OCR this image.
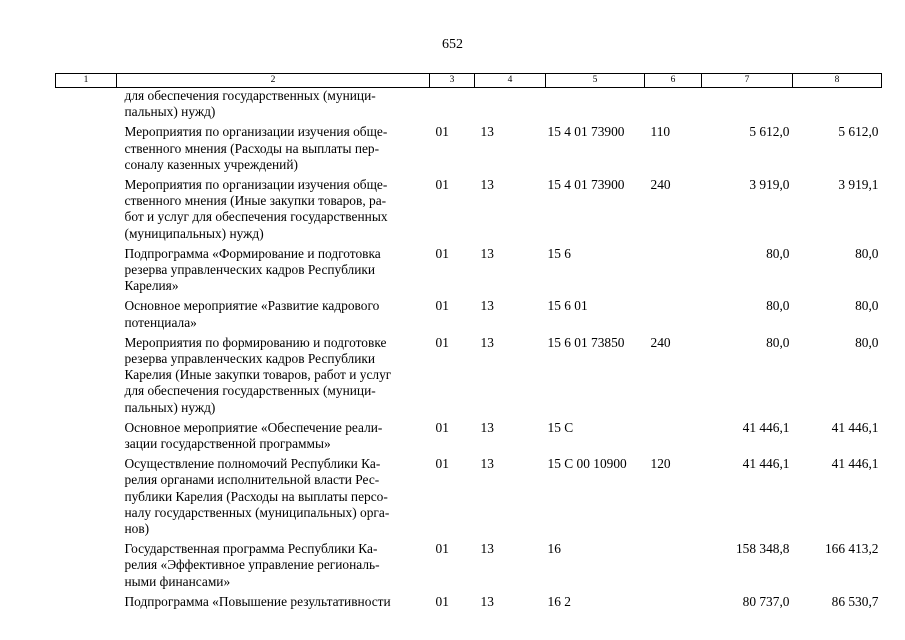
652
1	2	3	4	5	6	7	8
	для обеспечения государственных (муници-
пальных) нужд)						
	Мероприятия по организации изучения обще-
ственного мнения (Расходы на выплаты пер-
соналу казенных учреждений)	01	13	15 4 01 73900	110	5 612,0	5 612,0
	Мероприятия по организации изучения обще-
ственного мнения (Иные закупки товаров, ра-
бот и услуг для обеспечения государственных
(муниципальных) нужд)	01	13	15 4 01 73900	240	3 919,0	3 919,1
	Подпрограмма «Формирование и подготовка
резерва управленческих кадров Республики
Карелия»	01	13	15 6		80,0	80,0
	Основное мероприятие «Развитие кадрового
потенциала»	01	13	15 6 01		80,0	80,0
	Мероприятия по формированию и подготовке
резерва управленческих кадров Республики
Карелия (Иные закупки товаров, работ и услуг
для обеспечения государственных (муници-
пальных) нужд)	01	13	15 6 01 73850	240	80,0	80,0
	Основное мероприятие «Обеспечение реали-
зации государственной программы»	01	13	15 С		41 446,1	41 446,1
	Осуществление полномочий Республики Ка-
релия органами исполнительной власти Рес-
публики Карелия (Расходы на выплаты персо-
налу государственных (муниципальных) орга-
нов)	01	13	15 С 00 10900	120	41 446,1	41 446,1
	Государственная программа Республики Ка-
релия «Эффективное управление региональ-
ными финансами»	01	13	16		158 348,8	166 413,2
	Подпрограмма «Повышение результативности	01	13	16 2		80 737,0	86 530,7
